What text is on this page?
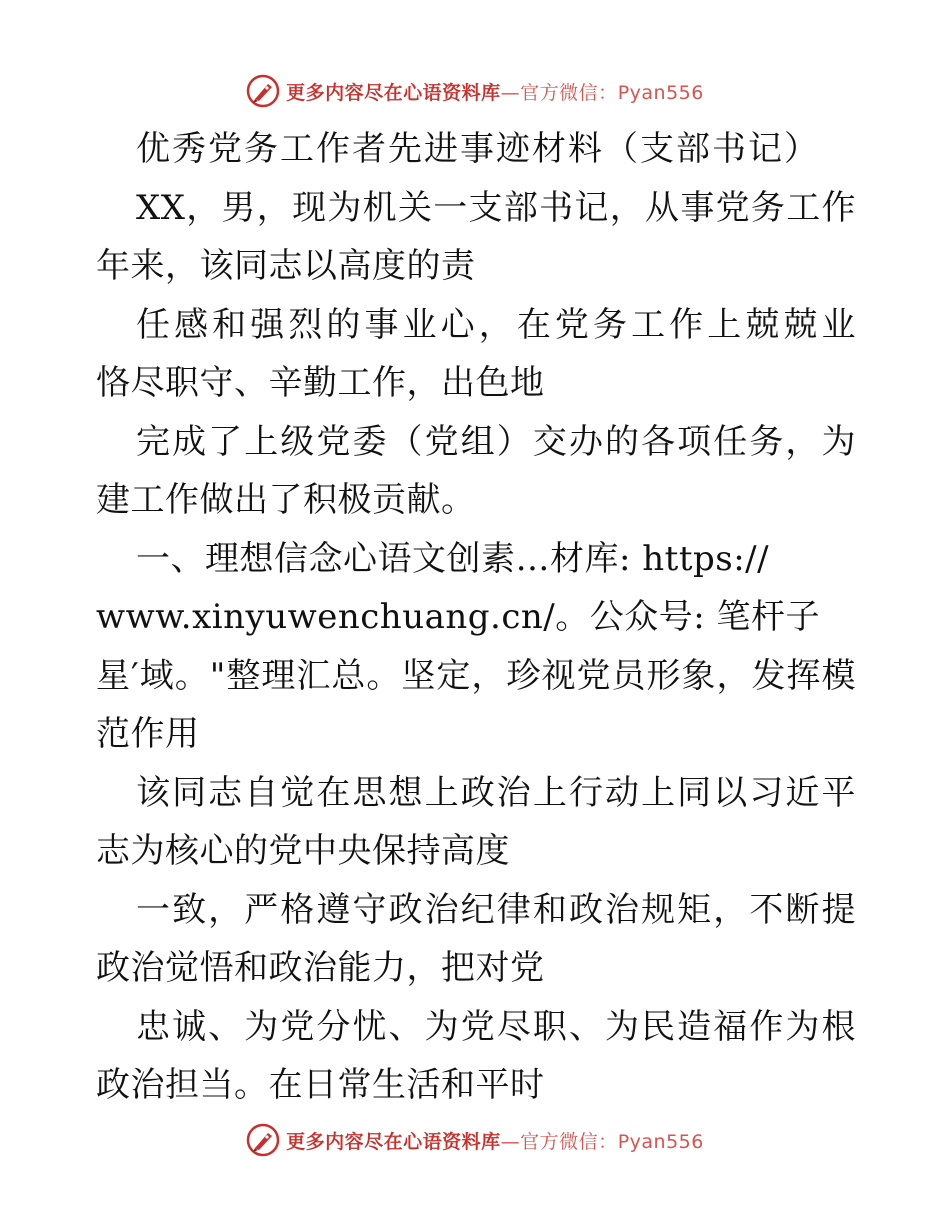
更多内容尽在心语资料库—官方微信：Pyan556
优秀党务工作者先进事迹材料（支部书记）
XX，男，现为机关一支部书记，从事党务工作
年来，该同志以高度的责
任感和强烈的事业心，在党务工作上兢兢业
恪尽职守、辛勤工作，出色地
完成了上级党委（党组）交办的各项任务，为
建工作做出了积极贡献。
一、理想信念心语文创素…材库: https://
www.xinyuwenchuang.cn/。公众号: 笔杆子
星′域。"整理汇总。坚定，珍视党员形象，发挥模
范作用
该同志自觉在思想上政治上行动上同以习近平
志为核心的党中央保持高度
一致，严格遵守政治纪律和政治规矩，不断提
政治觉悟和政治能力，把对党
忠诚、为党分忧、为党尽职、为民造福作为根
政治担当。在日常生活和平时
更多内容尽在心语资料库—官方微信：Pyan556
